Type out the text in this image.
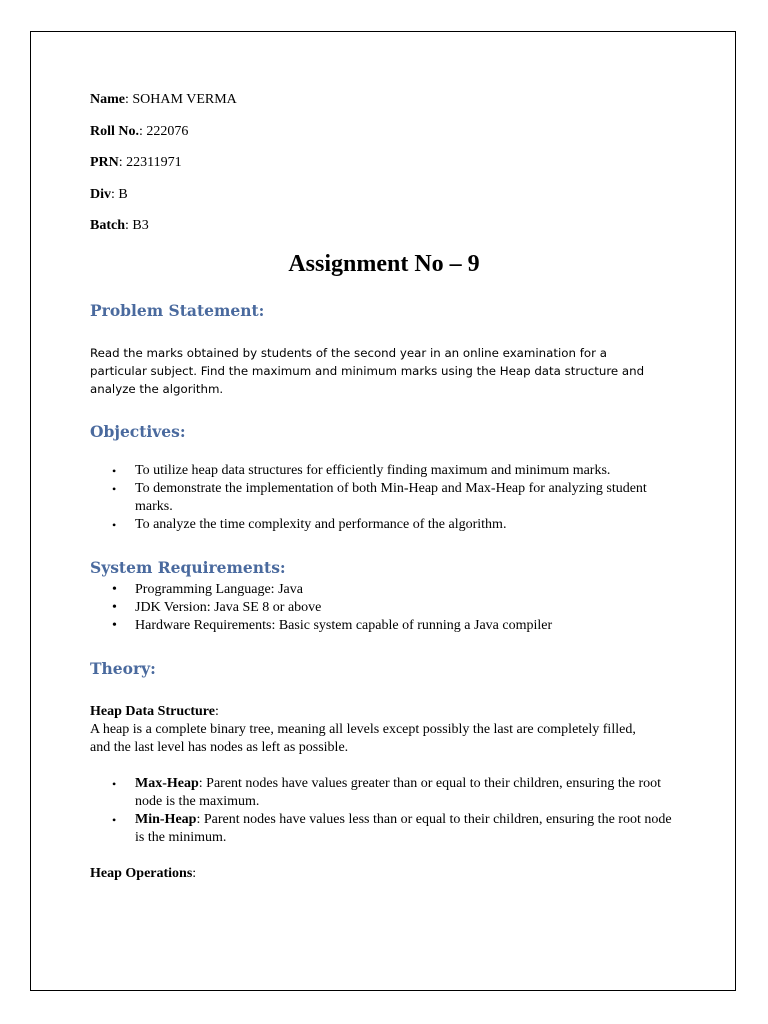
Name: SOHAM VERMA

Roll No.: 222076

PRN: 22311971

Div: B

Batch: B3

Assignment No – 9
Problem Statement:

Read the marks obtained by students of the second year in an online examination for a particular subject. Find the maximum and minimum marks using the Heap data structure and analyze the algorithm.

Objectives:
• To utilize heap data structures for efficiently finding maximum and minimum marks.
• To demonstrate the implementation of both Min-Heap and Max-Heap for analyzing student marks.
• To analyze the time complexity and performance of the algorithm.
System Requirements:
• Programming Language: Java
• JDK Version: Java SE 8 or above
• Hardware Requirements: Basic system capable of running a Java compiler
Theory:

Heap Data Structure:

A heap is a complete binary tree, meaning all levels except possibly the last are completely filled, and the last level has nodes as left as possible.

• Max-Heap: Parent nodes have values greater than or equal to their children, ensuring the root node is the maximum.
• Min-Heap: Parent nodes have values less than or equal to their children, ensuring the root node is the minimum.

Heap Operations:
